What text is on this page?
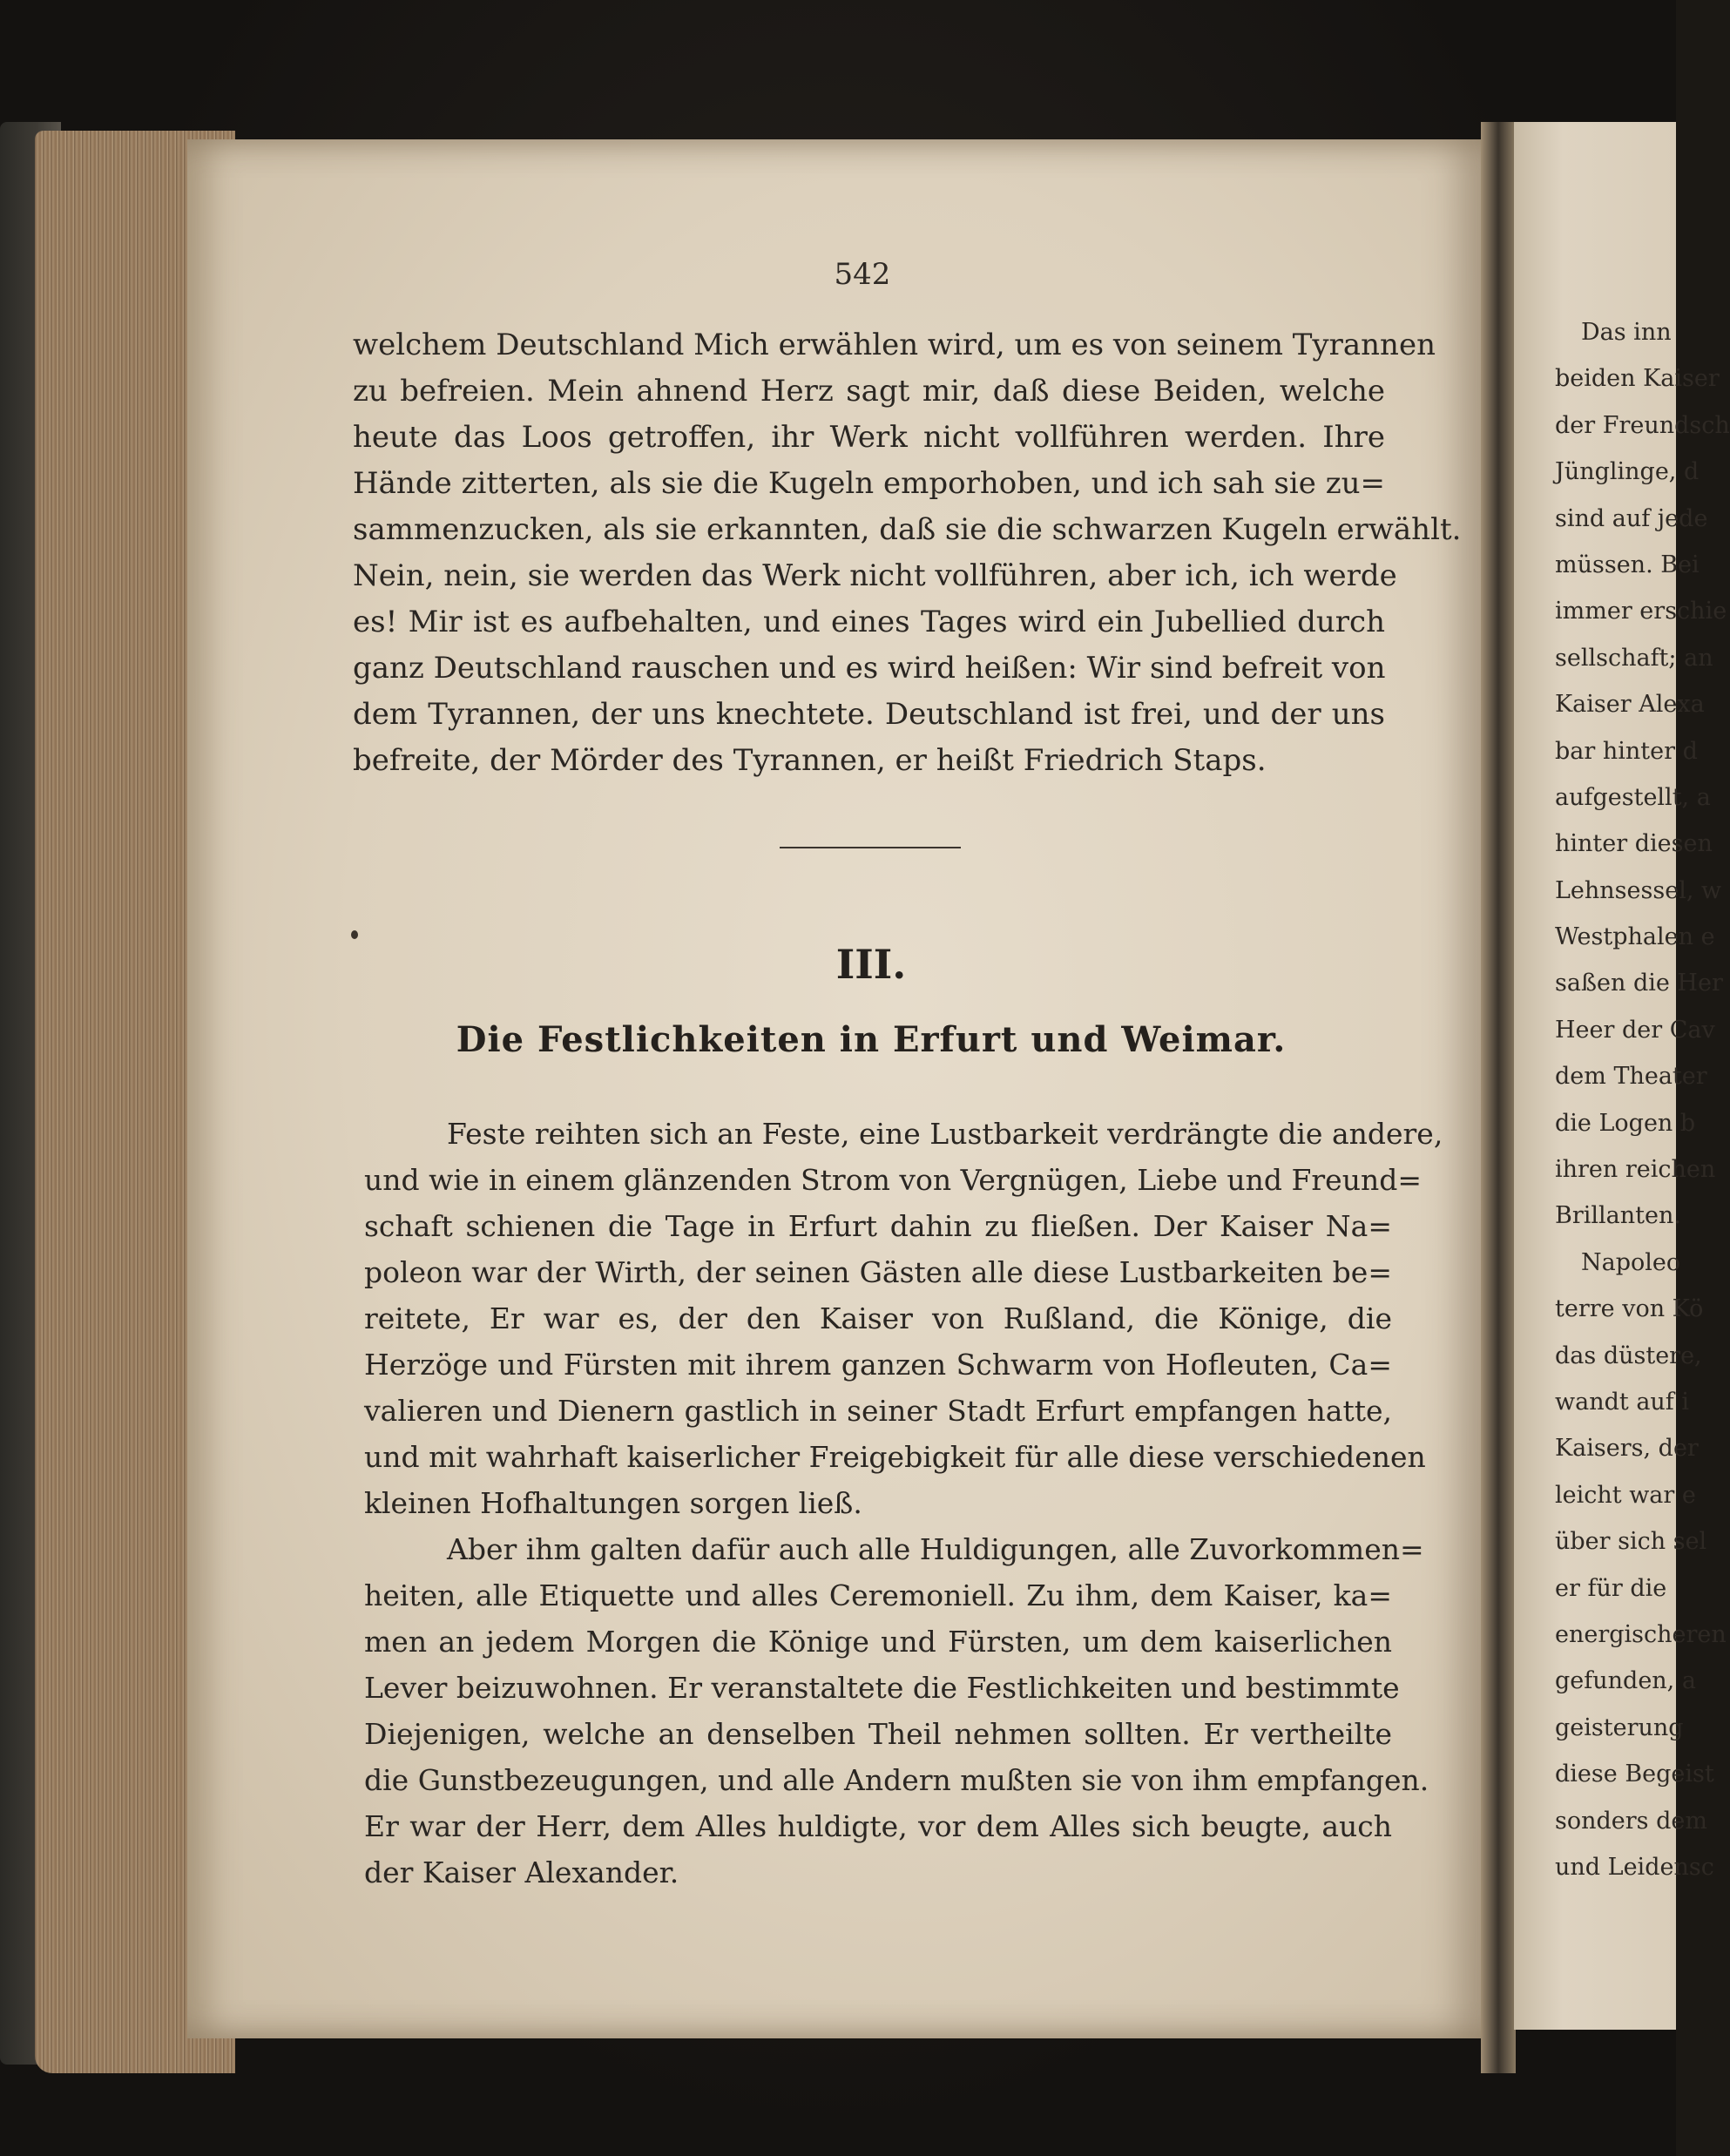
542
welchem Deutschland Mich erwählen wird, um es von seinem Tyrannen
zu befreien. Mein ahnend Herz sagt mir, daß diese Beiden, welche
heute das Loos getroffen, ihr Werk nicht vollführen werden. Ihre
Hände zitterten, als sie die Kugeln emporhoben, und ich sah sie zu=
sammenzucken, als sie erkannten, daß sie die schwarzen Kugeln erwählt.
Nein, nein, sie werden das Werk nicht vollführen, aber ich, ich werde
es! Mir ist es aufbehalten, und eines Tages wird ein Jubellied durch
ganz Deutschland rauschen und es wird heißen: Wir sind befreit von
dem Tyrannen, der uns knechtete. Deutschland ist frei, und der uns
befreite, der Mörder des Tyrannen, er heißt Friedrich Staps.
III.
Die Festlichkeiten in Erfurt und Weimar.
Feste reihten sich an Feste, eine Lustbarkeit verdrängte die andere,
und wie in einem glänzenden Strom von Vergnügen, Liebe und Freund=
schaft schienen die Tage in Erfurt dahin zu fließen. Der Kaiser Na=
poleon war der Wirth, der seinen Gästen alle diese Lustbarkeiten be=
reitete, Er war es, der den Kaiser von Rußland, die Könige, die
Herzöge und Fürsten mit ihrem ganzen Schwarm von Hofleuten, Ca=
valieren und Dienern gastlich in seiner Stadt Erfurt empfangen hatte,
und mit wahrhaft kaiserlicher Freigebigkeit für alle diese verschiedenen
kleinen Hofhaltungen sorgen ließ.
Aber ihm galten dafür auch alle Huldigungen, alle Zuvorkommen=
heiten, alle Etiquette und alles Ceremoniell. Zu ihm, dem Kaiser, ka=
men an jedem Morgen die Könige und Fürsten, um dem kaiserlichen
Lever beizuwohnen. Er veranstaltete die Festlichkeiten und bestimmte
Diejenigen, welche an denselben Theil nehmen sollten. Er vertheilte
die Gunstbezeugungen, und alle Andern mußten sie von ihm empfangen.
Er war der Herr, dem Alles huldigte, vor dem Alles sich beugte, auch
der Kaiser Alexander.
Das inn
beiden Kaiser
der Freundsch
Jünglinge, d
sind auf jede
müssen. Bei
immer erschie
sellschaft; an
Kaiser Alexa
bar hinter d
aufgestellt, a
hinter diesen
Lehnsessel, w
Westphalen e
saßen die Her
Heer der Cav
dem Theater
die Logen b
ihren reichen
Brillanten.
Napoleo
terre von Kö
das düstere,
wandt auf i
Kaisers, der
leicht war e
über sich sel
er für die
energischeren
gefunden, a
geisterung
diese Begeist
sonders dem
und Leidensc
